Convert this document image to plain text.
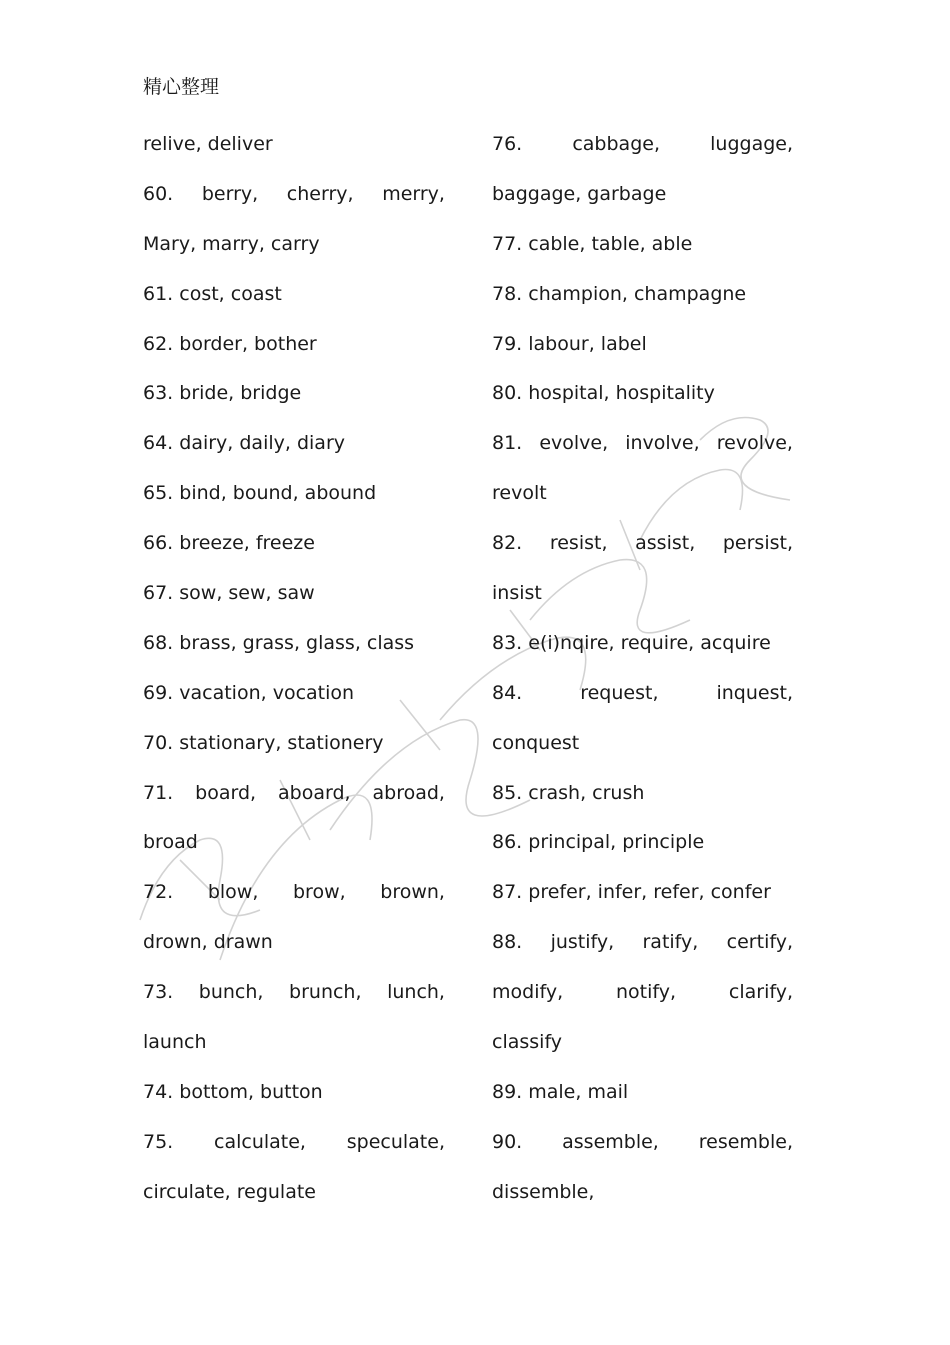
精心整理
relive, deliver
60. berry, cherry, merry,
Mary, marry, carry
61. cost, coast
62. border, bother
63. bride, bridge
64. dairy, daily, diary
65. bind, bound, abound
66. breeze, freeze
67. sow, sew, saw
68. brass, grass, glass, class
69. vacation, vocation
70. stationary, stationery
71. board, aboard, abroad,
broad
72. blow, brow, brown,
drown, drawn
73. bunch, brunch, lunch,
launch
74. bottom, button
75. calculate, speculate,
circulate, regulate
76.	cabbage,	luggage,
baggage, garbage
77. cable, table, able
78. champion, champagne
79. labour, label
80. hospital, hospitality
81. evolve, involve, revolve,
revolt
82. resist, assist, persist,
insist
83. e(i)nqire, require, acquire
84.	request,	inquest,
conquest
85. crash, crush
86. principal, principle
87. prefer, infer, refer, confer
88. justify, ratify, certify,
modify,	notify,	clarify,
classify
89. male, mail
90. assemble, resemble,
dissemble,
